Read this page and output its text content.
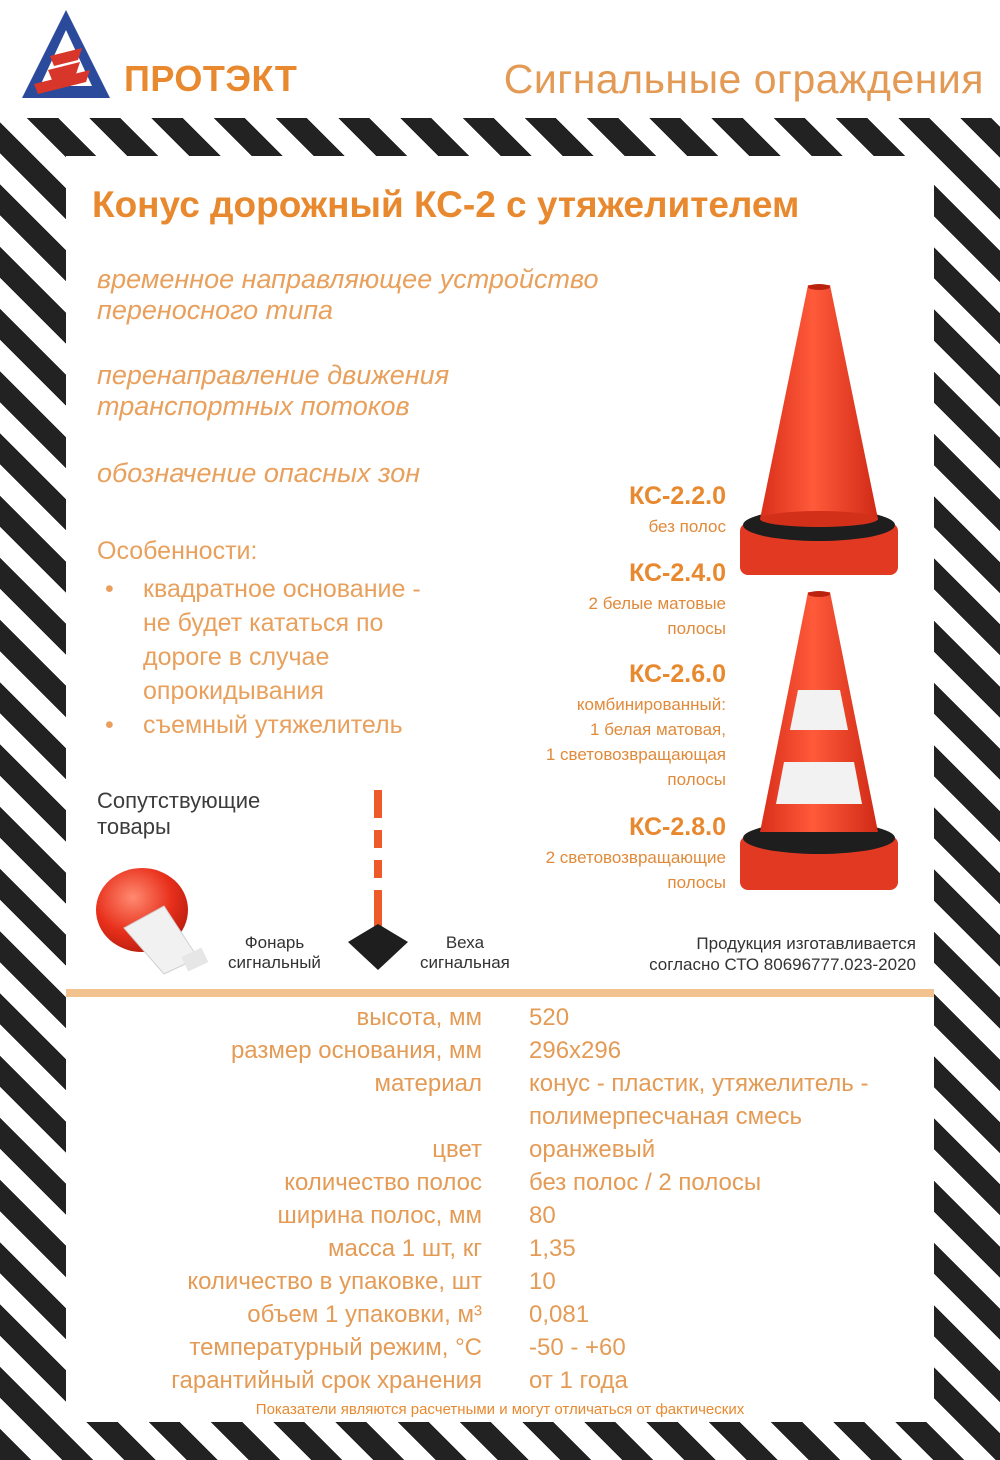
ПРОТЭКТ	Сигнальные ограждения
Конус дорожный КС-2 с утяжелителем
временное направляющее устройство
переносного типа
перенаправление движения
транспортных потоков
обозначение опасных зон
Особенности:
• квадратное основание -
не будет кататься по
дороге в случае
опрокидывания
• съемный утяжелитель
КС-2.2.0
без полос
КС-2.4.0
2 белые матовые
полосы
КС-2.6.0
комбинированный:
1 белая матовая,
1 световозвращающая
полосы
КС-2.8.0
2 световозвращающие
полосы
Сопутствующие
товары
Фонарь
сигнальный
Веха
сигнальная
Продукция изготавливается
согласно СТО 80696777.023-2020
высота, мм 520
размер основания, мм 296x296
материал конус - пластик, утяжелитель -
полимерпесчаная смесь
цвет оранжевый
количество полос без полос / 2 полосы
ширина полос, мм 80
масса 1 шт, кг 1,35
количество в упаковке, шт 10
объем 1 упаковки, м³ 0,081
температурный режим, °С -50 - +60
гарантийный срок хранения от 1 года
Показатели являются расчетными и могут отличаться от фактических
